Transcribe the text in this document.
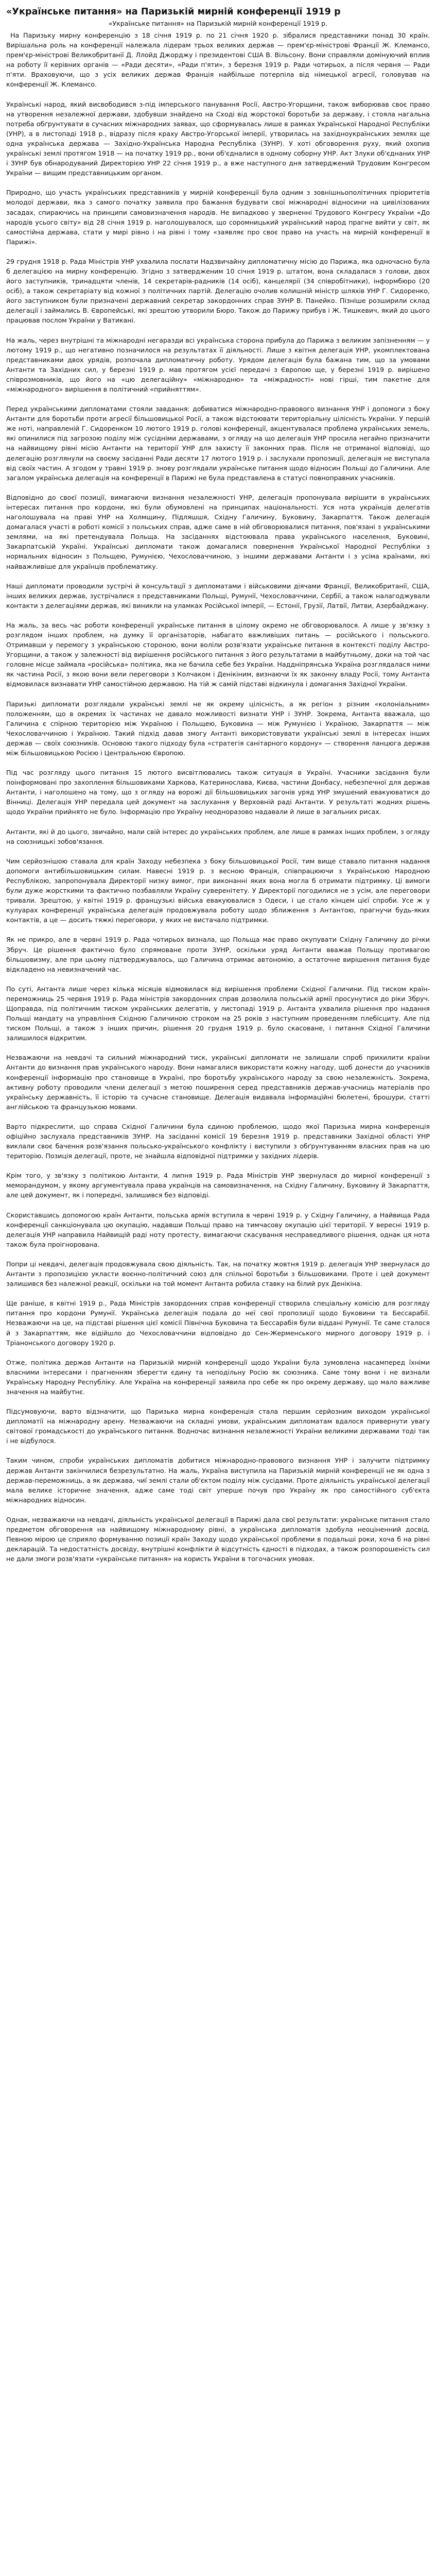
«Українське питання» на Паризькій мирній конференції 1919 р
«Українське питання» на Паризькій мирній конференції 1919 р.

На Паризьку мирну конференцію з 18 січня 1919 р. по 21 січня 1920 р. зібралися представники понад 30 країн. Вирішальна роль на конференції належала лідерам трьох великих держав — прем'єр-міністрові Франції Ж. Клемансо, прем'єр-міністрові Великобританії Д. Ллойд Джорджу і президентові США В. Вільсону. Вони справляли домінуючий вплив на роботу її керівних органів — «Ради десяти», «Ради п'яти», з березня 1919 р. Ради чотирьох, а після червня — Ради п'яти. Враховуючи, що з усіх великих держав Франція найбільше потерпіла від німецької агресії, головував на конференції Ж. Клемансо.

Українські народ, який висвободився з-під імперського панування Росії, Австро-Угорщини, також виборював своє право на утворення незалежної держави, здобувши знайдено на Сході від жорстокої боротьби за державу, і стояла нагальна потреба обґрунтувати в сучасних міжнародних заявах, що сформувалась лише в рамках Української Народної Республіки (УНР), а в листопаді 1918 р., відразу після краху Австро-Угорської імперії, утворилась на західноукраїнських землях ще одна українська держава — Західно-Українська Народна Республіка (ЗУНР). У хоті обговорення руху, який охопив українські землі протягом 1918 — на початку 1919 рр., вони об'єдналися в одному соборну УНР. Акт Злуки об'єднаних УНР і ЗУНР був обнародуваний Директорією УНР 22 січня 1919 р., а вже наступного дня затверджений Трудовим Конгресом України — вищим представницьким органом.

Природно, що участь українських представників у мирній конференції була одним з зовнішньополітичних пріоритетів молодої держави, яка з самого початку заявила про бажання будувати свої міжнародні відносини на цивілізованих засадах, спираючись на принципи самовизначення народів. Не випадково у зверненні Трудового Конгресу України «До народів усього світу» від 28 січня 1919 р. наголошувалося, що соромницький український народ прагне вийти у світ, як самостійна держава, стати у мирі рівно і на рівні і тому «заявляє про своє право на участь на мирній конференції в Парижі».

29 грудня 1918 р. Рада Міністрів УНР ухвалила послати Надзвичайну дипломатичну місію до Парижа, яка одночасно була б делегацією на мирну конференцію. Згідно з затвердженим 10 січня 1919 р. штатом, вона складалася з голови, двох його заступників, тринадцяти членів, 14 секретарів-радників (14 осіб), канцелярії (34 співробітники), інформбюро (20 осіб), а також секретаріату від кожної з політичних партій. Делегацію очолив колишній міністр шляхів УНР Г. Сидоренко, його заступником були призначені державний секретар закордонних справ ЗУНР В. Панейко. Пізніше розширили склад делегації і займались В. Європейські, які зрештою утворили Бюро. Також до Парижу прибув і Ж. Тишкевич, який до цього працював послом України у Ватикані.

На жаль, через внутрішні та міжнародні негаразди всі українська сторона прибула до Парижа з великим запізненням — у лютому 1919 р., що негативно позначилося на результатах її діяльності. Лише з квітня делегація УНР, укомплектована представниками двох урядів, розпочала дипломатичну роботу. Урядом делегація була бажана тим, що за умовами Антанти та Західних сил, у березні 1919 р. мав протягом усієї передачі з Європою ще, у березні 1919 р. вирішено співрозмовників, що його на «цю делегаційну» «міжнародню» та «міжрадності» нові гірші, тим пакетне для «міжнародного» вирішення в політичний «прийняттям».

Перед українськими дипломатами стояли завдання: добиватися міжнародно-правового визнання УНР і допомоги з боку Антанти для боротьби проти агресії більшовицької Росії, а також відстоювати територіальну цілісність України. У першій же ноті, направленій Г. Сидоренком 10 лютого 1919 р. голові конференції, акцентувалася проблема українських земель, які опинилися під загрозою поділу між сусідніми державами, з огляду на що делегація УНР просила негайно призначити на найвищому рівні місію Антанти на території УНР для захисту її законних прав. Після не отриманої відповіді, що делегацію розглянули на своєму засіданні Ради десяти 17 лютого 1919 р. і заслухали пропозиції, делегація не виступала від своїх частин. А згодом у травні 1919 р. знову розглядали українське питання щодо відносин Польщі до Галичини. Але загалом українська делегація на конференції в Парижі не була представлена в статусі повноправних учасників.

Відповідно до своєї позиції, вимагаючи визнання незалежності УНР, делегація пропонувала вирішити в українських інтересах питання про кордони, які були обумовлені на принципах національності. Уся нота українців делегатів наголошувала на праві УНР на Холмщину, Підляшшя, Східну Галичину, Буковину, Закарпаття. Також делегація домагалася участі в роботі комісії з польських справ, адже саме в ній обговорювалися питання, пов'язані з українськими землями, на які претендувала Польща. На засіданнях відстоювала права українського населення, Буковині, Закарпатській Україні. Українські дипломати також домагалися повернення Української Народної Республіки з нормальних відносин з Польщею, Румунією, Чехословаччиною, з іншими державами Антанти і з усіма країнами, які найважливіше для українців проблематику.

Наші дипломати проводили зустрічі й консультації з дипломатами і військовими діячами Франції, Великобританії, США, інших великих держав, зустрічалися з представниками Польщі, Румунії, Чехословаччини, Сербії, а також налагоджували контакти з делегаціями держав, які виникли на уламках Російської імперії, — Естонії, Грузії, Латвії, Литви, Азербайджану.

На жаль, за весь час роботи конференції українське питання в цілому окремо не обговорювалося. А лише у зв'язку з розглядом інших проблем, на думку її організаторів, набагато важливіших питань — російського і польського. Отримавши у перемогу з українською стороною, вони воліли розв'язати українське питання в контексті поділу Австро-Угорщини, а також у залежності від вирішення російського питання з його результатами в майбутньому, доки на той час головне місце займала «російська» політика, яка не бачила себе без України. Наддніпрянська Україна розглядалася ними як частина Росії, з якою вони вели переговори з Колчаком і Денікіним, визнаючи їх як законну владу Росії, тому Антанта відмовилася визнавати УНР самостійною державою. На тій ж самій підставі відкинула і домагання Західної України.

Паризькі дипломати розглядали українські землі не як окрему цілісність, а як регіон з різним «колоніальним» положенням, що в окремих їх частинах не давало можливості визнати УНР і ЗУНР. Зокрема, Антанта вважала, що Галичина є спірною територією між Україною і Польщею, Буковина — між Румунією і Україною, Закарпаття — між Чехословаччиною і Україною. Такий підхід давав змогу Антанті використовувати українські землі в інтересах інших держав — своїх союзників. Основою такого підходу була «стратегія санітарного кордону» — створення ланцюга держав між більшовицькою Росією і Центральною Європою.

Під час розгляду цього питання 15 лютого висвітлювались також ситуація в Україні. Учасники засідання були поінформовані про захоплення більшовиками Харкова, Катеринослава, Києва, частини Донбасу, небезпечної для держав Антанти, і наголошено на тому, що з огляду на ворожі дії більшовицьких загонів уряд УНР змушений евакуюватися до Вінниці. Делегація УНР передала цей документ на заслухання у Верховній раді Антанти. У результаті жодних рішень щодо України прийнято не було. Інформацію про Україну неодноразово надавали й лише в загальних рисах.

Антанти, які й до цього, звичайно, мали свій інтерес до українських проблем, але лише в рамках інших проблем, з огляду на союзницькі зобов'язання.

Чим серйознішою ставала для країн Заходу небезпека з боку більшовицької Росії, тим вище ставало питання надання допомоги антибільшовицьким силам. Навесні 1919 р. з весною Франція, співпрацюючи з Українською Народною Республікою, запропонувала Директорії низку вимог, при виконанні яких вона могла б отримати підтримку. Ці вимоги були дуже жорсткими та фактично позбавляли Україну суверенітету. У Директорії погодилися не з усім, але переговори тривали. Зрештою, у квітні 1919 р. французькі війська евакуювалися з Одеси, і це стало кінцем цієї спроби. Усе ж у кулуарах конференції українська делегація продовжувала роботу щодо зближення з Антантою, прагнучи будь-яких контактів, а це — досить тяжкі переговори, у яких не вистачало підтримки.

Як не прикро, але в червні 1919 р. Рада чотирьох визнала, що Польща має право окупувати Східну Галичину до річки Збруч. Це рішення фактично було спрямоване проти ЗУНР, оскільки уряд Антанти вважав Польщу противагою більшовизму, але при цьому підтверджувалось, що Галичина отримає автономію, а остаточне вирішення питання буде відкладено на невизначений час.

По суті, Антанта лише через кілька місяців відмовилася від вирішення проблеми Східної Галичини. Під тиском країн-переможниць 25 червня 1919 р. Рада міністрів закордонних справ дозволила польській армії просунутися до ріки Збруч. Щоправда, під політичним тиском українських делегатів, у листопаді 1919 р. Антанта ухвалила рішення про надання Польщі мандату на управління Східною Галичиною строком на 25 років з наступним проведенням плебісциту. Але під тиском Польщі, а також з інших причин, рішення 20 грудня 1919 р. було скасоване, і питання Східної Галичини залишилося відкритим.

Незважаючи на невдачі та сильний міжнародний тиск, українські дипломати не залишали спроб прихилити країни Антанти до визнання прав українського народу. Вони намагалися використати кожну нагоду, щоб донести до учасників конференції інформацію про становище в Україні, про боротьбу українського народу за свою незалежність. Зокрема, активну роботу проводили члени делегації з метою поширення серед представників держав-учасниць матеріалів про українську державність, її історію та сучасне становище. Делегація видавала інформаційні бюлетені, брошури, статті англійською та французькою мовами.

Варто підкреслити, що справа Східної Галичини була єдиною проблемою, щодо якої Паризька мирна конференція офіційно заслухала представників ЗУНР. На засіданні комісії 19 березня 1919 р. представники Західної області УНР виклали своє бачення розв'язання польсько-українського конфлікту і виступили з обґрунтуванням власних прав на цю територію. Позиція делегації, проте, не знайшла відповідної підтримки у західних лідерів.

Крім того, у зв'язку з політикою Антанти, 4 липня 1919 р. Рада Міністрів УНР звернулася до мирної конференції з меморандумом, у якому аргументувала права українців на самовизначення, на Східну Галичину, Буковину й Закарпаття, але цей документ, як і попередні, залишився без відповіді.

Скориставшись допомогою країн Антанти, польська армія вступила в червні 1919 р. у Східну Галичину, а Найвища Рада конференції санкціонувала цю окупацію, надавши Польщі право на тимчасову окупацію цієї території. У вересні 1919 р. делегація УНР направила Найвищій раді ноту протесту, вимагаючи скасування несправедливого рішення, однак ця нота також була проігнорована.

Попри ці невдачі, делегація продовжувала свою діяльність. Так, на початку жовтня 1919 р. делегація УНР звернулася до Антанти з пропозицією укласти воєнно-політичний союз для спільної боротьби з більшовиками. Проте і цей документ залишився без належної реакції, оскільки на той момент Антанта робила ставку на білий рух Денікіна.

Ще раніше, в квітні 1919 р., Рада Міністрів закордонних справ конференції створила спеціальну комісію для розгляду питання про кордони Румунії. Українська делегація подала до неї свої пропозиції щодо Буковини та Бессарабії. Незважаючи на це, на підставі рішення цієї комісії Північна Буковина та Бессарабія були віддані Румунії. Те саме сталося й з Закарпаттям, яке відійшло до Чехословаччини відповідно до Сен-Жерменського мирного договору 1919 р. і Тріанонського договору 1920 р.

Отже, політика держав Антанти на Паризькій мирній конференції щодо України була зумовлена насамперед їхніми власними інтересами і прагненням зберегти єдину та неподільну Росію як союзника. Саме тому вони і не визнали Українську Народну Республіку. Але Україна на конференції заявила про себе як про окрему державу, що мало важливе значення на майбутнє.

Підсумовуючи, варто відзначити, що Паризька мирна конференція стала першим серйозним виходом української дипломатії на міжнародну арену. Незважаючи на складні умови, українським дипломатам вдалося привернути увагу світової громадськості до українського питання. Водночас визнання незалежності України великими державами тоді так і не відбулося.

Таким чином, спроби українських дипломатів добитися міжнародно-правового визнання УНР і залучити підтримку держав Антанти закінчилися безрезультатно. На жаль, Україна виступила на Паризькій мирній конференції не як одна з держав-переможниць, а як держава, чиї землі стали об'єктом поділу між сусідами. Проте діяльність української делегації мала велике історичне значення, адже саме тоді світ уперше почув про Україну як про самостійного суб'єкта міжнародних відносин.

Однак, незважаючи на невдачі, діяльність української делегації в Парижі дала свої результати: українське питання стало предметом обговорення на найвищому міжнародному рівні, а українська дипломатія здобула неоціненний досвід. Певною мірою це сприяло формуванню позиції країн Заходу щодо української проблеми в подальші роки, хоча б на рівні декларацій. Та недостатність досвіду, внутрішні конфлікти й відсутність єдності в підходах, а також розпорошеність сил не дали змоги розв'язати «українське питання» на користь України в тогочасних умовах.
